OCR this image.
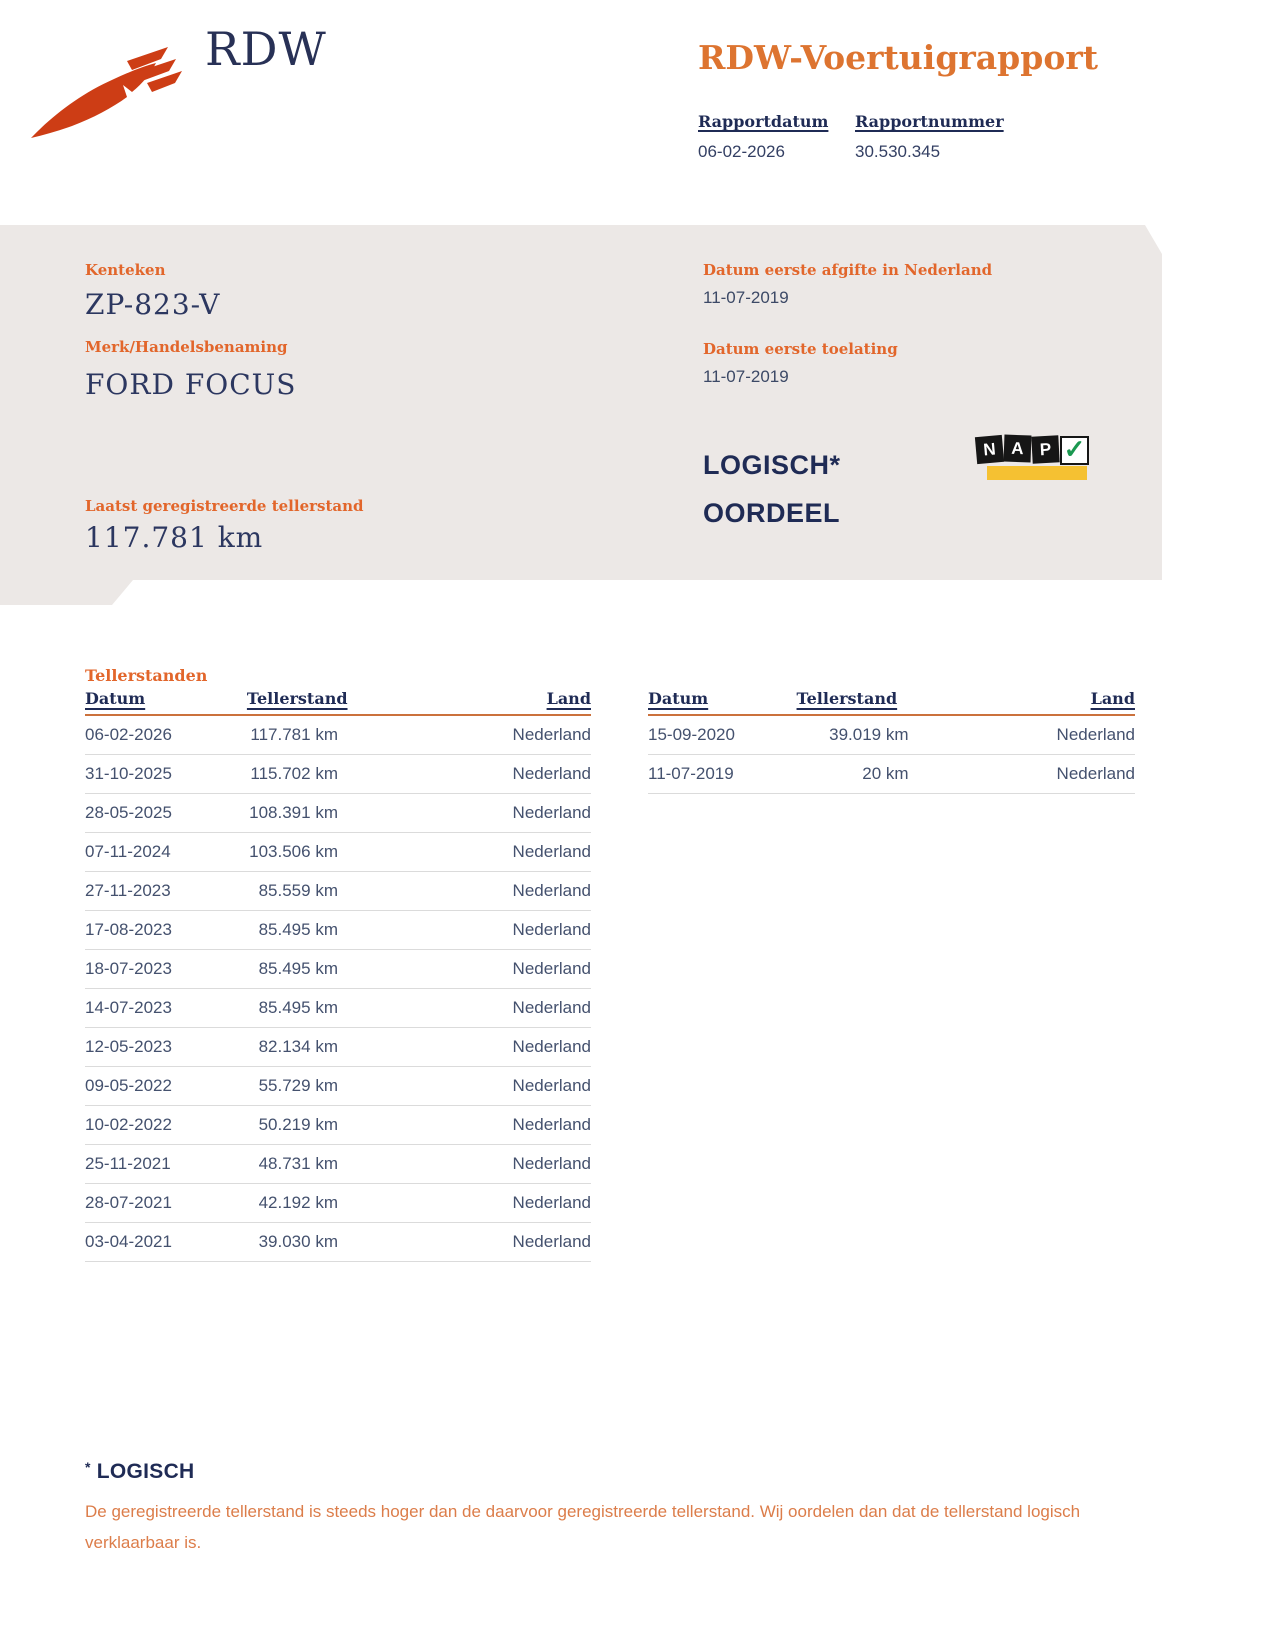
RDW	RDW-Voertuigrapport
Rapportdatum
06-02-2026
Rapportnummer
30.530.345
Kenteken
ZP-823-V
Merk/Handelsbenaming
FORD FOCUS
Datum eerste afgifte in Nederland
11-07-2019
Datum eerste toelating
11-07-2019
LOGISCH*
OORDEEL
N A P ✓
Laatst geregistreerde tellerstand
117.781 km
Tellerstanden
Datum	Tellerstand	Land
06-02-2026	117.781 km	Nederland
31-10-2025	115.702 km	Nederland
28-05-2025	108.391 km	Nederland
07-11-2024	103.506 km	Nederland
27-11-2023	85.559 km	Nederland
17-08-2023	85.495 km	Nederland
18-07-2023	85.495 km	Nederland
14-07-2023	85.495 km	Nederland
12-05-2023	82.134 km	Nederland
09-05-2022	55.729 km	Nederland
10-02-2022	50.219 km	Nederland
25-11-2021	48.731 km	Nederland
28-07-2021	42.192 km	Nederland
03-04-2021	39.030 km	Nederland
Datum	Tellerstand	Land
15-09-2020	39.019 km	Nederland
11-07-2019	20 km	Nederland
* LOGISCH
De geregistreerde tellerstand is steeds hoger dan de daarvoor geregistreerde tellerstand. Wij oordelen dan dat de tellerstand logisch verklaarbaar is.
